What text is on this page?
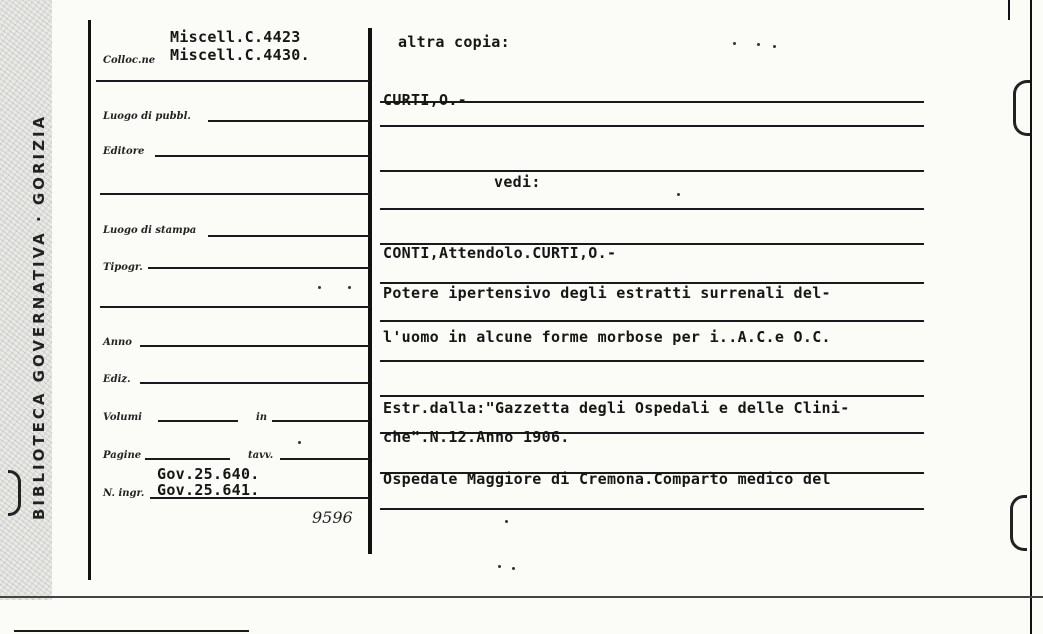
BIBLIOTECA GOVERNATIVA · GORIZIA
Colloc.ne
Luogo di pubbl.
Editore
Luogo di stampa
Tipogr.
Anno
Ediz.
Volumi	in
Pagine	tavv.
N. ingr.
Miscell.C.4423
Miscell.C.4430.
Gov.25.640.
Gov.25.641.
9596
altra copia:
CURTI,O.-
vedi:
CONTI,Attendolo.CURTI,O.-
Potere ipertensivo degli estratti surrenali del-
l'uomo in alcune forme morbose per i..A.C.e O.C.
Estr.dalla:"Gazzetta degli Ospedali e delle Clini-
che".N.12.Anno 1906.
Ospedale Maggiore di Cremona.Comparto medico del
